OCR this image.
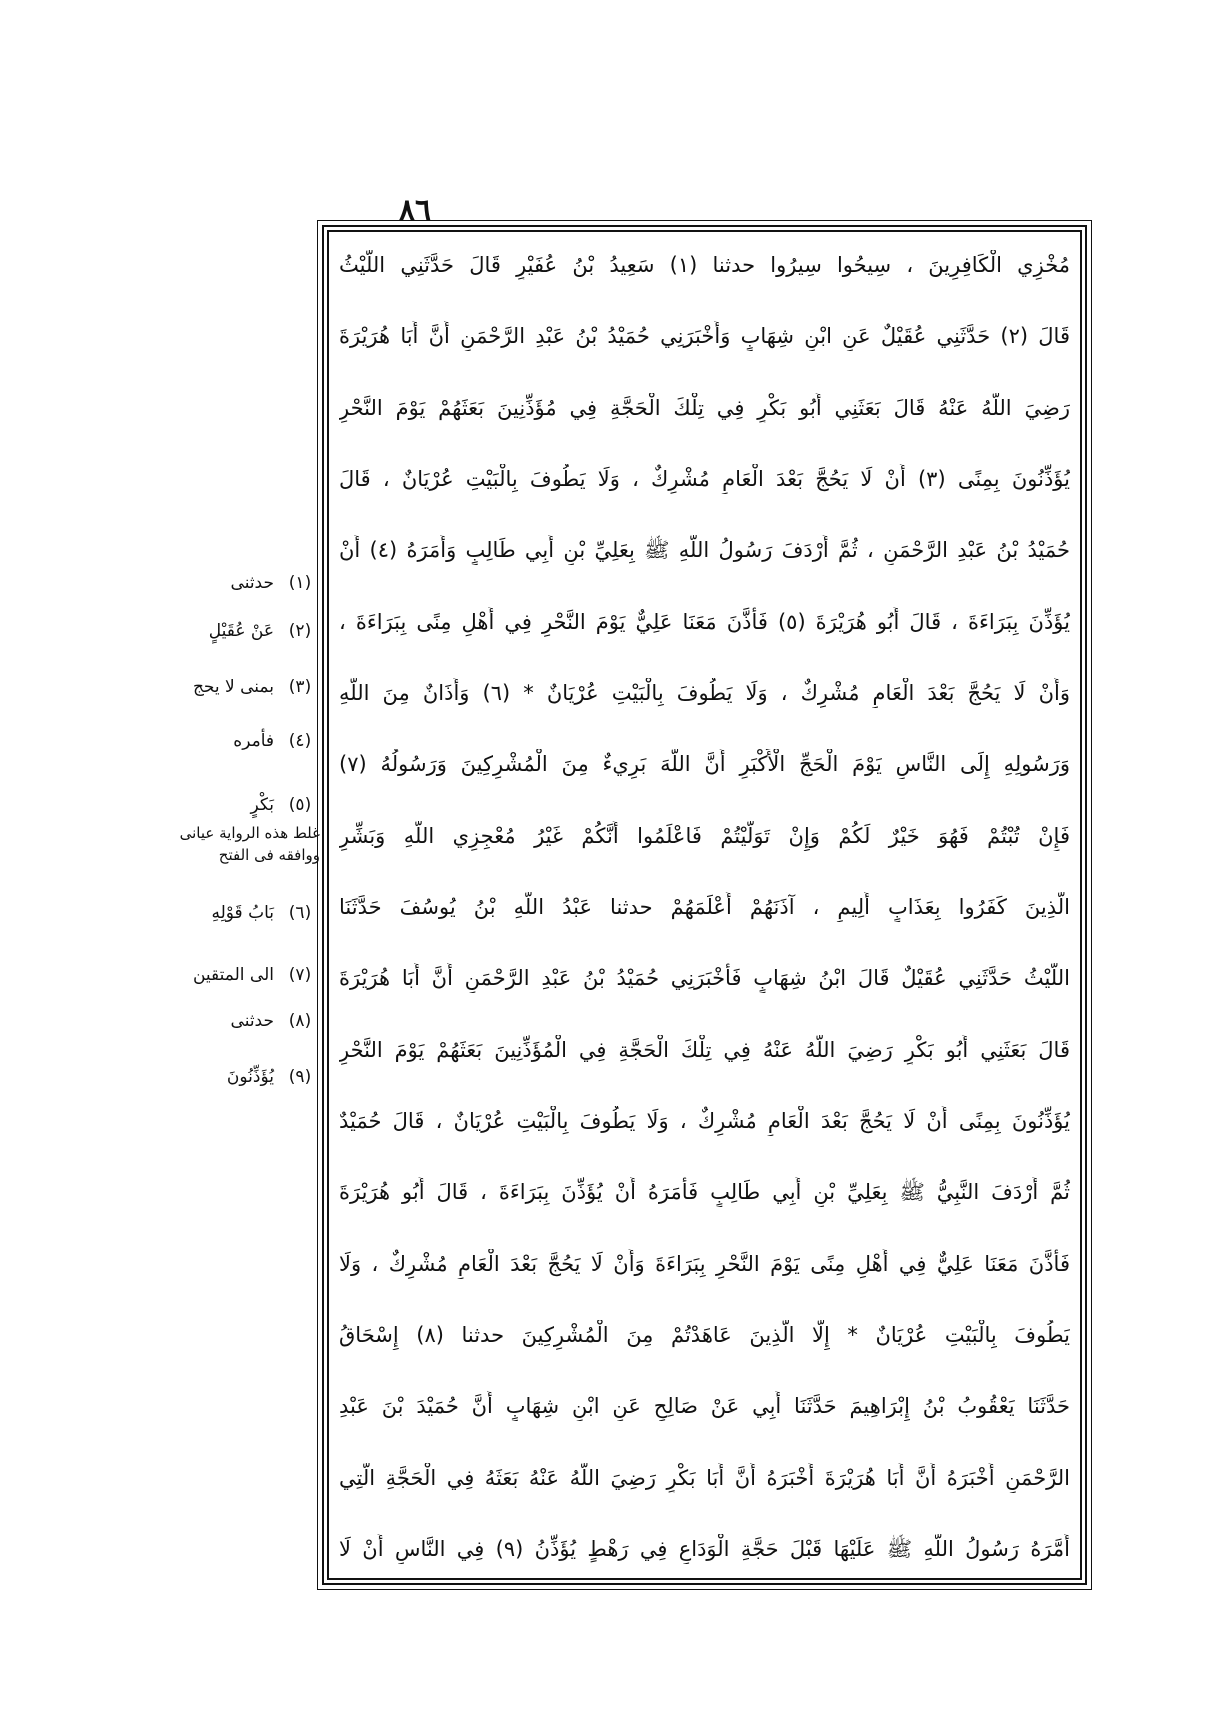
٨٦
مُخْزِي الْكَافِرِينَ ، سِيحُوا سِيرُوا حدثنا (١) سَعِيدُ بْنُ عُفَيْرٍ قَالَ حَدَّثَنِي اللَّيْثُ
قَالَ (٢) حَدَّثَنِي عُقَيْلٌ عَنِ ابْنِ شِهَابٍ وَأَخْبَرَنِي حُمَيْدُ بْنُ عَبْدِ الرَّحْمَنِ أَنَّ أَبَا هُرَيْرَةَ
رَضِيَ اللَّهُ عَنْهُ قَالَ بَعَثَنِي أَبُو بَكْرٍ فِي تِلْكَ الْحَجَّةِ فِي مُؤَذِّنِينَ بَعَثَهُمْ يَوْمَ النَّحْرِ
يُؤَذِّنُونَ بِمِنًى (٣) أَنْ لَا يَحُجَّ بَعْدَ الْعَامِ مُشْرِكٌ ، وَلَا يَطُوفَ بِالْبَيْتِ عُرْيَانٌ ، قَالَ
حُمَيْدُ بْنُ عَبْدِ الرَّحْمَنِ ، ثُمَّ أَرْدَفَ رَسُولُ اللَّهِ ﷺ بِعَلِيِّ بْنِ أَبِي طَالِبٍ وَأَمَرَهُ (٤) أَنْ
يُؤَذِّنَ بِبَرَاءَةَ ، قَالَ أَبُو هُرَيْرَةَ (٥) فَأَذَّنَ مَعَنَا عَلِيٌّ يَوْمَ النَّحْرِ فِي أَهْلِ مِنًى بِبَرَاءَةَ ،
وَأَنْ لَا يَحُجَّ بَعْدَ الْعَامِ مُشْرِكٌ ، وَلَا يَطُوفَ بِالْبَيْتِ عُرْيَانٌ * (٦) وَأَذَانٌ مِنَ اللَّهِ
وَرَسُولِهِ إِلَى النَّاسِ يَوْمَ الْحَجِّ الْأَكْبَرِ أَنَّ اللَّهَ بَرِيءٌ مِنَ الْمُشْرِكِينَ وَرَسُولُهُ (٧)
فَإِنْ تُبْتُمْ فَهُوَ خَيْرٌ لَكُمْ وَإِنْ تَوَلَّيْتُمْ فَاعْلَمُوا أَنَّكُمْ غَيْرُ مُعْجِزِي اللَّهِ وَبَشِّرِ
الَّذِينَ كَفَرُوا بِعَذَابٍ أَلِيمٍ ، آذَنَهُمْ أَعْلَمَهُمْ حدثنا عَبْدُ اللَّهِ بْنُ يُوسُفَ حَدَّثَنَا
اللَّيْثُ حَدَّثَنِي عُقَيْلٌ قَالَ ابْنُ شِهَابٍ فَأَخْبَرَنِي حُمَيْدُ بْنُ عَبْدِ الرَّحْمَنِ أَنَّ أَبَا هُرَيْرَةَ
قَالَ بَعَثَنِي أَبُو بَكْرٍ رَضِيَ اللَّهُ عَنْهُ فِي تِلْكَ الْحَجَّةِ فِي الْمُؤَذِّنِينَ بَعَثَهُمْ يَوْمَ النَّحْرِ
يُؤَذِّنُونَ بِمِنًى أَنْ لَا يَحُجَّ بَعْدَ الْعَامِ مُشْرِكٌ ، وَلَا يَطُوفَ بِالْبَيْتِ عُرْيَانٌ ، قَالَ حُمَيْدٌ
ثُمَّ أَرْدَفَ النَّبِيُّ ﷺ بِعَلِيِّ بْنِ أَبِي طَالِبٍ فَأَمَرَهُ أَنْ يُؤَذِّنَ بِبَرَاءَةَ ، قَالَ أَبُو هُرَيْرَةَ
فَأَذَّنَ مَعَنَا عَلِيٌّ فِي أَهْلِ مِنًى يَوْمَ النَّحْرِ بِبَرَاءَةَ وَأَنْ لَا يَحُجَّ بَعْدَ الْعَامِ مُشْرِكٌ ، وَلَا
يَطُوفَ بِالْبَيْتِ عُرْيَانٌ * إِلَّا الَّذِينَ عَاهَدْتُمْ مِنَ الْمُشْرِكِينَ حدثنا (٨) إِسْحَاقُ
حَدَّثَنَا يَعْقُوبُ بْنُ إِبْرَاهِيمَ حَدَّثَنَا أَبِي عَنْ صَالِحٍ عَنِ ابْنِ شِهَابٍ أَنَّ حُمَيْدَ بْنَ عَبْدِ
الرَّحْمَنِ أَخْبَرَهُ أَنَّ أَبَا هُرَيْرَةَ أَخْبَرَهُ أَنَّ أَبَا بَكْرٍ رَضِيَ اللَّهُ عَنْهُ بَعَثَهُ فِي الْحَجَّةِ الَّتِي
أَمَّرَهُ رَسُولُ اللَّهِ ﷺ عَلَيْهَا قَبْلَ حَجَّةِ الْوَدَاعِ فِي رَهْطٍ يُؤَذِّنُ (٩) فِي النَّاسِ أَنْ لَا
(١)
حدثنى
(٢)
عَنْ عُقَيْلٍ
(٣)
بمنى لا يحج
(٤)
فأمره
(٥)
بَكْرٍ
غلط هذه الرواية عيانى ووافقه فى الفتح
(٦)
بَابُ قَوْلِهِ
(٧)
الى المتقين
(٨)
حدثنى
(٩)
يُؤَذِّنُونَ
